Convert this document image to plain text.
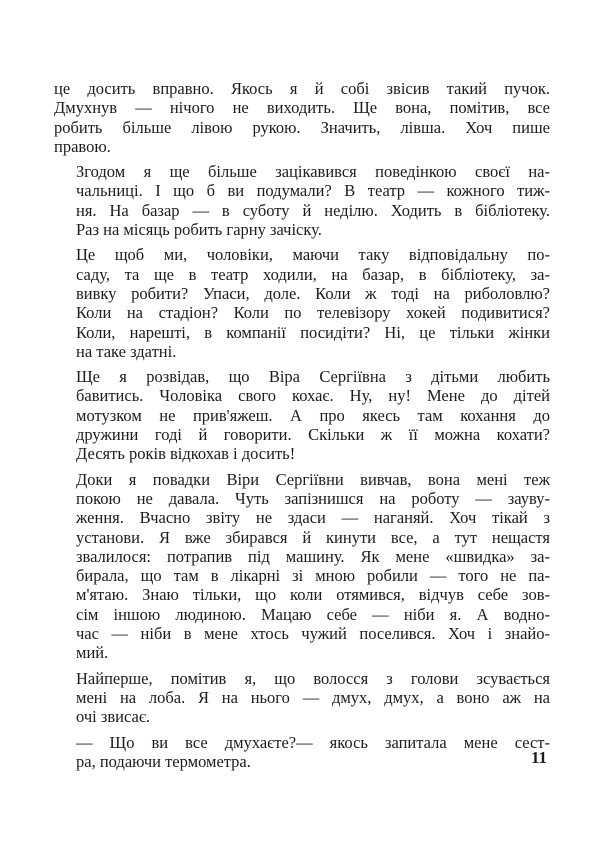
це досить вправно. Якось я й собі звісив такий пучок.
Дмухнув — нічого не виходить. Ще вона, помітив, все
робить більше лівою рукою. Значить, лівша. Хоч пише
правою.

Згодом я ще більше зацікавився поведінкою своєї на-
чальниці. І що б ви подумали? В театр — кожного тиж-
ня. На базар — в суботу й неділю. Ходить в бібліотеку.
Раз на місяць робить гарну зачіску.

Це щоб ми, чоловіки, маючи таку відповідальну по-
саду, та ще в театр ходили, на базар, в бібліотеку, за-
вивку робити? Упаси, доле. Коли ж тоді на риболовлю?
Коли на стадіон? Коли по телевізору хокей подивитися?
Коли, нарешті, в компанії посидіти? Ні, це тільки жінки
на таке здатні.

Ще я розвідав, що Віра Сергіївна з дітьми любить
бавитись. Чоловіка свого кохає. Ну, ну! Мене до дітей
мотузком не прив'яжеш. А про якесь там кохання до
дружини годі й говорити. Скільки ж її можна кохати?
Десять років відкохав і досить!

Доки я повадки Віри Сергіївни вивчав, вона мені теж
покою не давала. Чуть запізнишся на роботу — зауву-
ження. Вчасно звіту не здаси — наганяй. Хоч тікай з
установи. Я вже збирався й кинути все, а тут нещастя
звалилося: потрапив під машину. Як мене «швидка» за-
бирала, що там в лікарні зі мною робили — того не па-
м'ятаю. Знаю тільки, що коли отямився, відчув себе зов-
сім іншою людиною. Мацаю себе — ніби я. А водно-
час — ніби в мене хтось чужий поселився. Хоч і знайо-
мий.

Найперше, помітив я, що волосся з голови зсувається
мені на лоба. Я на нього — дмух, дмух, а воно аж на
очі звисає.

— Що ви все дмухаєте?— якось запитала мене сест-
ра, подаючи термометра.	11
